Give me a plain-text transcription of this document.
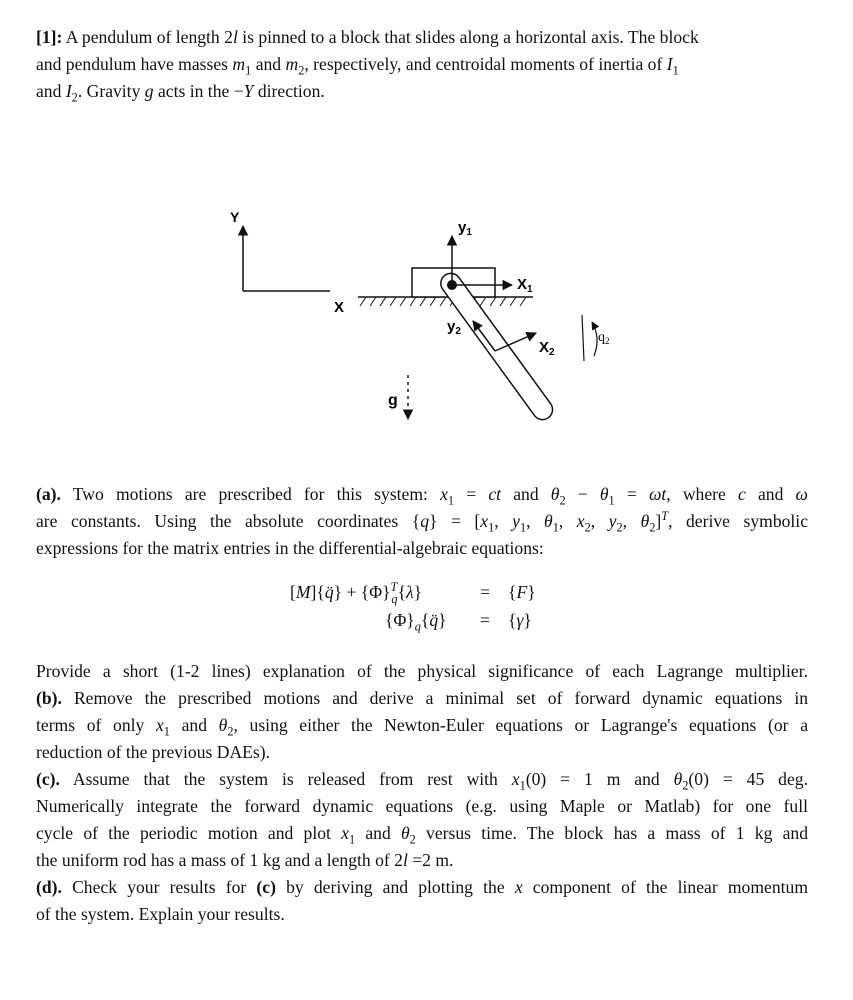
[1]: A pendulum of length 2l is pinned to a block that slides along a horizontal axis. The block
and pendulum have masses $m_1$ and $m_2$, respectively, and centroidal moments of inertia of $I_1$
and $I_2$. Gravity g acts in the −Y direction.
Y
X
$y_1$
$X_1$
$y_2$
$X_2$
$q_2$
g
(a). Two motions are prescribed for this system: $x_1$ = ct and $\theta_2 - \theta_1 = \omega t$, where c and ω
are constants. Using the absolute coordinates $\{q\} = [x_1$, $y_1$, $\theta_1$, $x_2$, $y_2$, $\theta_2]^T$, derive symbolic
expressions for the matrix entries in the differential-algebraic equations:
[M]{q̈} + $\{\Phi\}^T_q\{\lambda\}$	= {F}
$\{\Phi\}_q\{q̈\} = \{\gamma\}$
Provide a short (1-2 lines) explanation of the physical significance of each Lagrange multiplier.
(b). Remove the prescribed motions and derive a minimal set of forward dynamic equations in
terms of only $x_1$ and $\theta_2$, using either the Newton-Euler equations or Lagrange's equations (or a
reduction of the previous DAEs).
(c). Assume that the system is released from rest with $x_1(0) = 1$ m and $\theta_2(0) = 45$ deg.
Numerically integrate the forward dynamic equations (e.g. using Maple or Matlab) for one full
cycle of the periodic motion and plot $x_1$ and $\theta_2$ versus time. The block has a mass of 1 kg and
the uniform rod has a mass of 1 kg and a length of 2l =2 m.
(d). Check your results for (c) by deriving and plotting the x component of the linear momentum
of the system. Explain your results.
